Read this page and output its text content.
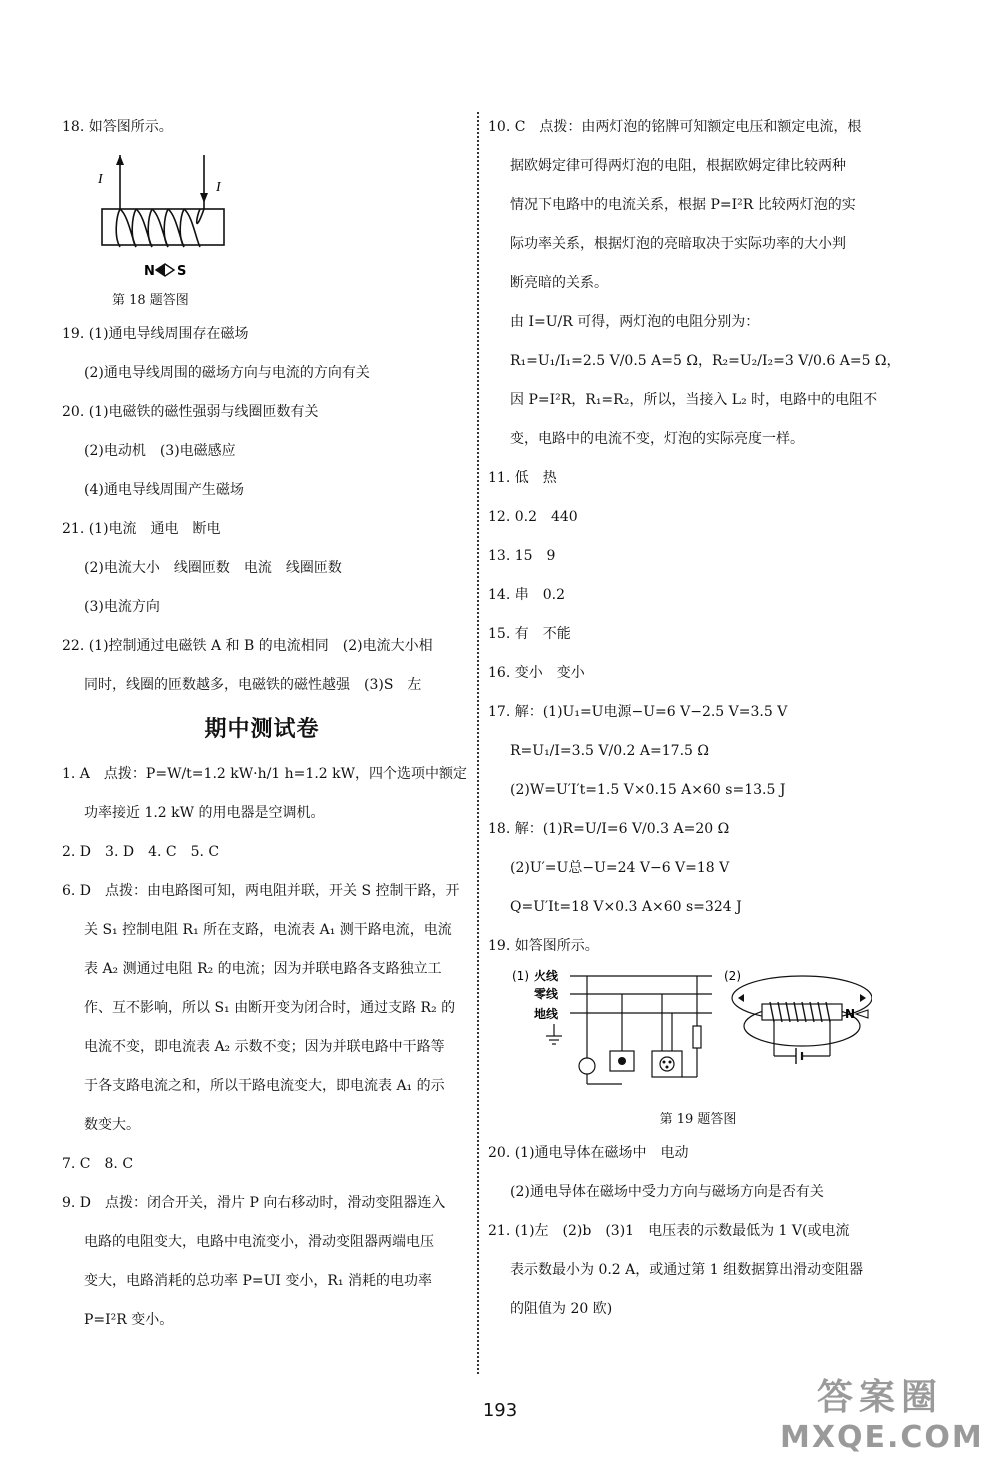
18. 如答图所示。
I
I
N S
第 18 题答图
19. (1)通电导线周围存在磁场
(2)通电导线周围的磁场方向与电流的方向有关
20. (1)电磁铁的磁性强弱与线圈匝数有关
(2)电动机　(3)电磁感应
(4)通电导线周围产生磁场
21. (1)电流　通电　断电
(2)电流大小　线圈匝数　电流　线圈匝数
(3)电流方向
22. (1)控制通过电磁铁 A 和 B 的电流相同　(2)电流大小相
同时，线圈的匝数越多，电磁铁的磁性越强　(3)S　左
期中测试卷
1. A　点拨：P=W/t=1.2 kW·h/1 h=1.2 kW，四个选项中额定
功率接近 1.2 kW 的用电器是空调机。
2. D　3. D　4. C　5. C
6. D　点拨：由电路图可知，两电阻并联，开关 S 控制干路，开
关 S₁ 控制电阻 R₁ 所在支路，电流表 A₁ 测干路电流，电流
表 A₂ 测通过电阻 R₂ 的电流；因为并联电路各支路独立工
作、互不影响，所以 S₁ 由断开变为闭合时，通过支路 R₂ 的
电流不变，即电流表 A₂ 示数不变；因为并联电路中干路等
于各支路电流之和，所以干路电流变大，即电流表 A₁ 的示
数变大。
7. C　8. C
9. D　点拨：闭合开关，滑片 P 向右移动时，滑动变阻器连入
电路的电阻变大，电路中电流变小，滑动变阻器两端电压
变大，电路消耗的总功率 P=UI 变小，R₁ 消耗的电功率
P=I²R 变小。
10. C　点拨：由两灯泡的铭牌可知额定电压和额定电流，根
据欧姆定律可得两灯泡的电阻，根据欧姆定律比较两种
情况下电路中的电流关系，根据 P=I²R 比较两灯泡的实
际功率关系，根据灯泡的亮暗取决于实际功率的大小判
断亮暗的关系。
由 I=U/R 可得，两灯泡的电阻分别为：
R₁=U₁/I₁=2.5 V/0.5 A=5 Ω，R₂=U₂/I₂=3 V/0.6 A=5 Ω，
因 P=I²R，R₁=R₂，所以，当接入 L₂ 时，电路中的电阻不
变，电路中的电流不变，灯泡的实际亮度一样。
11. 低　热
12. 0.2　440
13. 15　9
14. 串　0.2
15. 有　不能
16. 变小　变小
17. 解：(1)U₁=U电源−U=6 V−2.5 V=3.5 V
R=U₁/I=3.5 V/0.2 A=17.5 Ω
(2)W=U′I′t=1.5 V×0.15 A×60 s=13.5 J
18. 解：(1)R=U/I=6 V/0.3 A=20 Ω
(2)U′=U总−U=24 V−6 V=18 V
Q=U′It=18 V×0.3 A×60 s=324 J
19. 如答图所示。
(1) 火线
零线
地线
(2)
N
第 19 题答图
20. (1)通电导体在磁场中　电动
(2)通电导体在磁场中受力方向与磁场方向是否有关
21. (1)左　(2)b　(3)1　电压表的示数最低为 1 V(或电流
表示数最小为 0.2 A，或通过第 1 组数据算出滑动变阻器
的阻值为 20 欧)
193	答案圈
MXQE.COM
